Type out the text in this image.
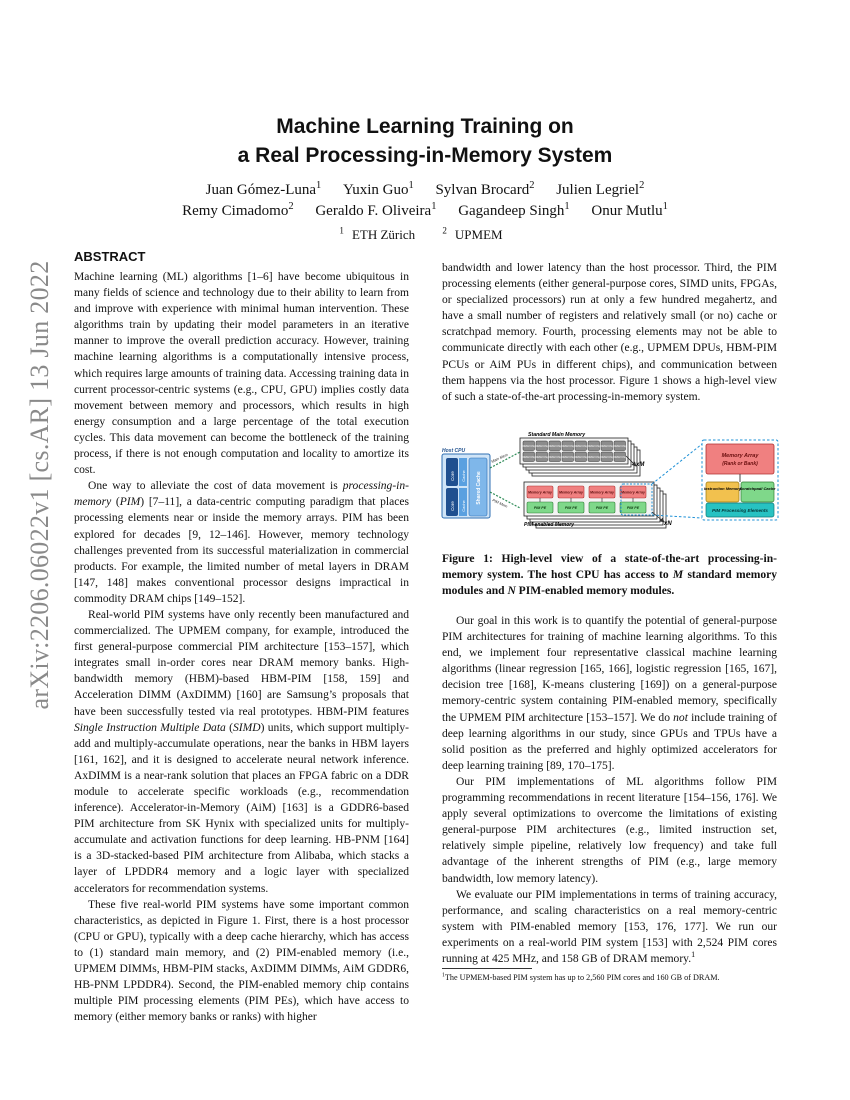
arXiv:2206.06022v1 [cs.AR] 13 Jun 2022
Machine Learning Training on
a Real Processing-in-Memory System
Juan Gómez-Luna$^1$ Yuxin Guo$^1$ Sylvan Brocard$^2$ Julien Legriel$^2$
Remy Cimadomo$^2$ Geraldo F. Oliveira$^1$ Gagandeep Singh$^1$ Onur Mutlu$^1$
$^1$ ETH Zürich	$^2$ UPMEM
ABSTRACT

Machine learning (ML) algorithms [1–6] have become ubiquitous in many fields of science and technology due to their ability to learn from and improve with experience with minimal human intervention. These algorithms train by updating their model parameters in an iterative manner to improve the overall prediction accuracy. However, training machine learning algorithms is a computationally intensive process, which requires large amounts of training data. Accessing training data in current processor-centric systems (e.g., CPU, GPU) implies costly data movement between memory and processors, which results in high energy consumption and a large percentage of the total execution cycles. This data movement can become the bottleneck of the training process, if there is not enough computation and locality to amortize its cost.

One way to alleviate the cost of data movement is processing-in-memory (PIM) [7–11], a data-centric computing paradigm that places processing elements near or inside the memory arrays. PIM has been explored for decades [9, 12–146]. However, memory technology challenges prevented from its successful materialization in commercial products. For example, the limited number of metal layers in DRAM [147, 148] makes conventional processor designs impractical in commodity DRAM chips [149–152].

Real-world PIM systems have only recently been manufactured and commercialized. The UPMEM company, for example, introduced the first general-purpose commercial PIM architecture [153–157], which integrates small in-order cores near DRAM memory banks. High-bandwidth memory (HBM)-based HBM-PIM [158, 159] and Acceleration DIMM (AxDIMM) [160] are Samsung’s proposals that have been successfully tested via real prototypes. HBM-PIM features Single Instruction Multiple Data (SIMD) units, which support multiply-add and multiply-accumulate operations, near the banks in HBM layers [161, 162], and it is designed to accelerate neural network inference. AxDIMM is a near-rank solution that places an FPGA fabric on a DDR module to accelerate specific workloads (e.g., recommendation inference). Accelerator-in-Memory (AiM) [163] is a GDDR6-based PIM architecture from SK Hynix with specialized units for multiply-accumulate and activation functions for deep learning. HB-PNM [164] is a 3D-stacked-based PIM architecture from Alibaba, which stacks a layer of LPDDR4 memory and a logic layer with specialized accelerators for recommendation systems.

These five real-world PIM systems have some important common characteristics, as depicted in Figure 1. First, there is a host processor (CPU or GPU), typically with a deep cache hierarchy, which has access to (1) standard main memory, and (2) PIM-enabled memory (i.e., UPMEM DIMMs, HBM-PIM stacks, AxDIMM DIMMs, AiM GDDR6, HB-PNM LPDDR4). Second, the PIM-enabled memory chip contains multiple PIM processing elements (PIM PEs), which have access to memory (either memory banks or ranks) with higher

bandwidth and lower latency than the host processor. Third, the PIM processing elements (either general-purpose cores, SIMD units, FPGAs, or specialized processors) run at only a few hundred megahertz, and have a small number of registers and relatively small (or no) cache or scratchpad memory. Fourth, processing elements may not be able to communicate directly with each other (e.g., UPMEM DPUs, HBM-PIM PCUs or AiM PUs in different chips), and communication between them happens via the host processor. Figure 1 shows a high-level view of such a state-of-the-art processing-in-memory system.

Standard Main Memory
DRAM Chip DRAM Chip DRAM Chip DRAM Chip DRAM Chip DRAM Chip DRAM Chip DRAM Chip
DRAM Chip DRAM Chip DRAM Chip DRAM Chip DRAM Chip DRAM Chip DRAM Chip DRAM Chip
xM
Host CPU
Core
Core
Cache
Cache
Shared Cache
Main Mem
PIM Mem
Memory Array
PIM PE
Memory Array
PIM PE
Memory Array
PIM PE
Memory Array
PIM PE
PIM-enabled Memory	xN
Memory Array
(Rank or Bank)
Instruction Memory
Scratchpad/ Cache
PIM Processing Elements
Figure 1: High-level view of a state-of-the-art processing-in-memory system. The host CPU has access to M standard memory modules and N PIM-enabled memory modules.

Our goal in this work is to quantify the potential of general-purpose PIM architectures for training of machine learning algorithms. To this end, we implement four representative classical machine learning algorithms (linear regression [165, 166], logistic regression [165, 167], decision tree [168], K-means clustering [169]) on a general-purpose memory-centric system containing PIM-enabled memory, specifically the UPMEM PIM architecture [153–157]. We do not include training of deep learning algorithms in our study, since GPUs and TPUs have a solid position as the preferred and highly optimized accelerators for deep learning training [89, 170–175].

Our PIM implementations of ML algorithms follow PIM programming recommendations in recent literature [154–156, 176]. We apply several optimizations to overcome the limitations of existing general-purpose PIM architectures (e.g., limited instruction set, relatively simple pipeline, relatively low frequency) and take full advantage of the inherent strengths of PIM (e.g., large memory bandwidth, low memory latency).

We evaluate our PIM implementations in terms of training accuracy, performance, and scaling characteristics on a real memory-centric system with PIM-enabled memory [153, 176, 177]. We run our experiments on a real-world PIM system [153] with 2,524 PIM cores running at 425 MHz, and 158 GB of DRAM memory.$^1$

$^1$The UPMEM-based PIM system has up to 2,560 PIM cores and 160 GB of DRAM.
